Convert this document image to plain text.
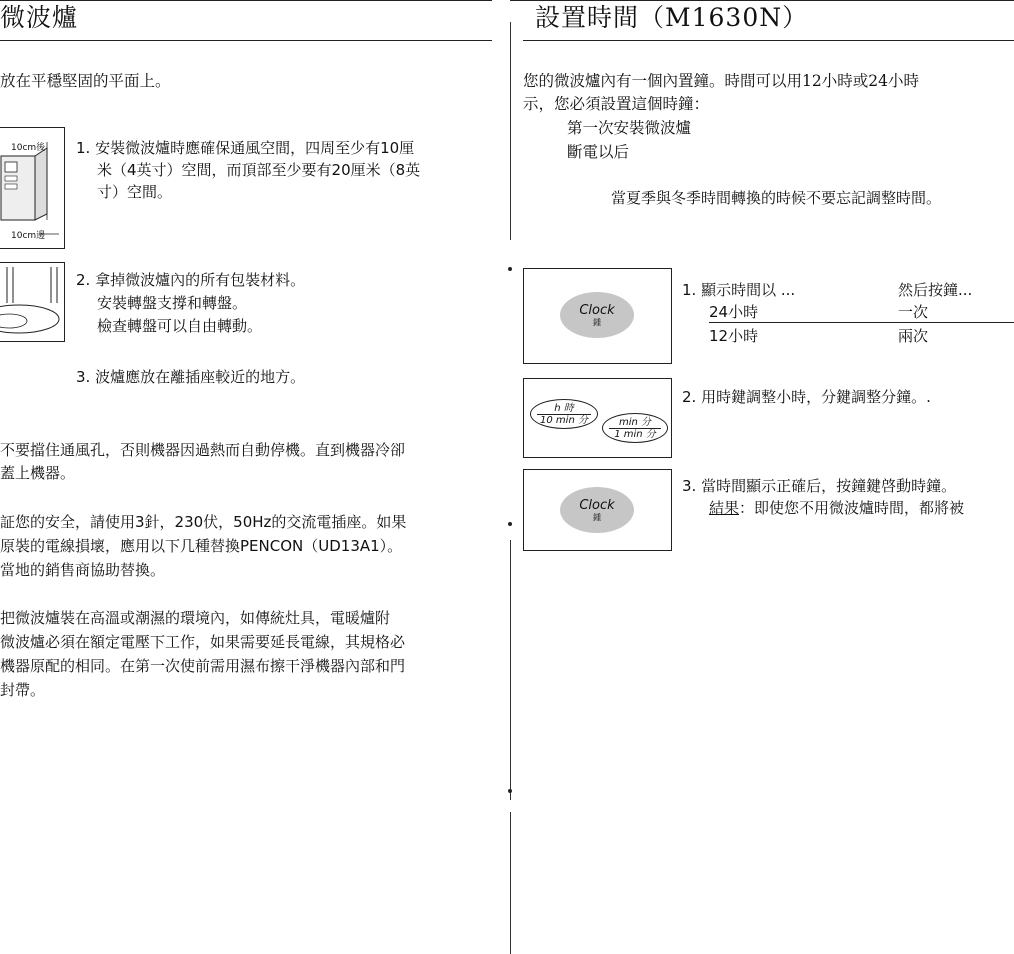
微波爐	設置時間（M1630N）
放在平穩堅固的平面上。
10cm後
10cm邊
1. 安裝微波爐時應確保通風空間，四周至少有10厘
米（4英寸）空間，而頂部至少要有20厘米（8英
寸）空間。
2. 拿掉微波爐內的所有包裝材料。
安裝轉盤支撐和轉盤。
檢查轉盤可以自由轉動。
3. 波爐應放在離插座較近的地方。
不要擋住通風孔，否則機器因過熱而自動停機。直到機器冷卻
蓋上機器。
証您的安全，請使用3針，230伏，50Hz的交流電插座。如果
原裝的電線損壞，應用以下几種替換PENCON（UD13A1）。
當地的銷售商協助替換。
把微波爐裝在高溫或潮濕的環境內，如傳統灶具，電暖爐附
微波爐必須在額定電壓下工作，如果需要延長電線，其規格必
機器原配的相同。在第一次使前需用濕布擦干淨機器內部和門
封帶。
您的微波爐內有一個內置鐘。時間可以用12小時或24小時
示，您必須設置這個時鐘：
第一次安裝微波爐
斷電以后
當夏季與冬季時間轉換的時候不要忘記調整時間。
Clock
鍾
1. 顯示時間以 ...	然后按鐘...
24小時	一次
12小時	兩次
h 時
10 min 分	min 分
1 min 分
2. 用時鍵調整小時，分鍵調整分鐘。.
Clock
鍾
3. 當時間顯示正確后，按鐘鍵啓動時鐘。
結果：即使您不用微波爐時間，都將被
